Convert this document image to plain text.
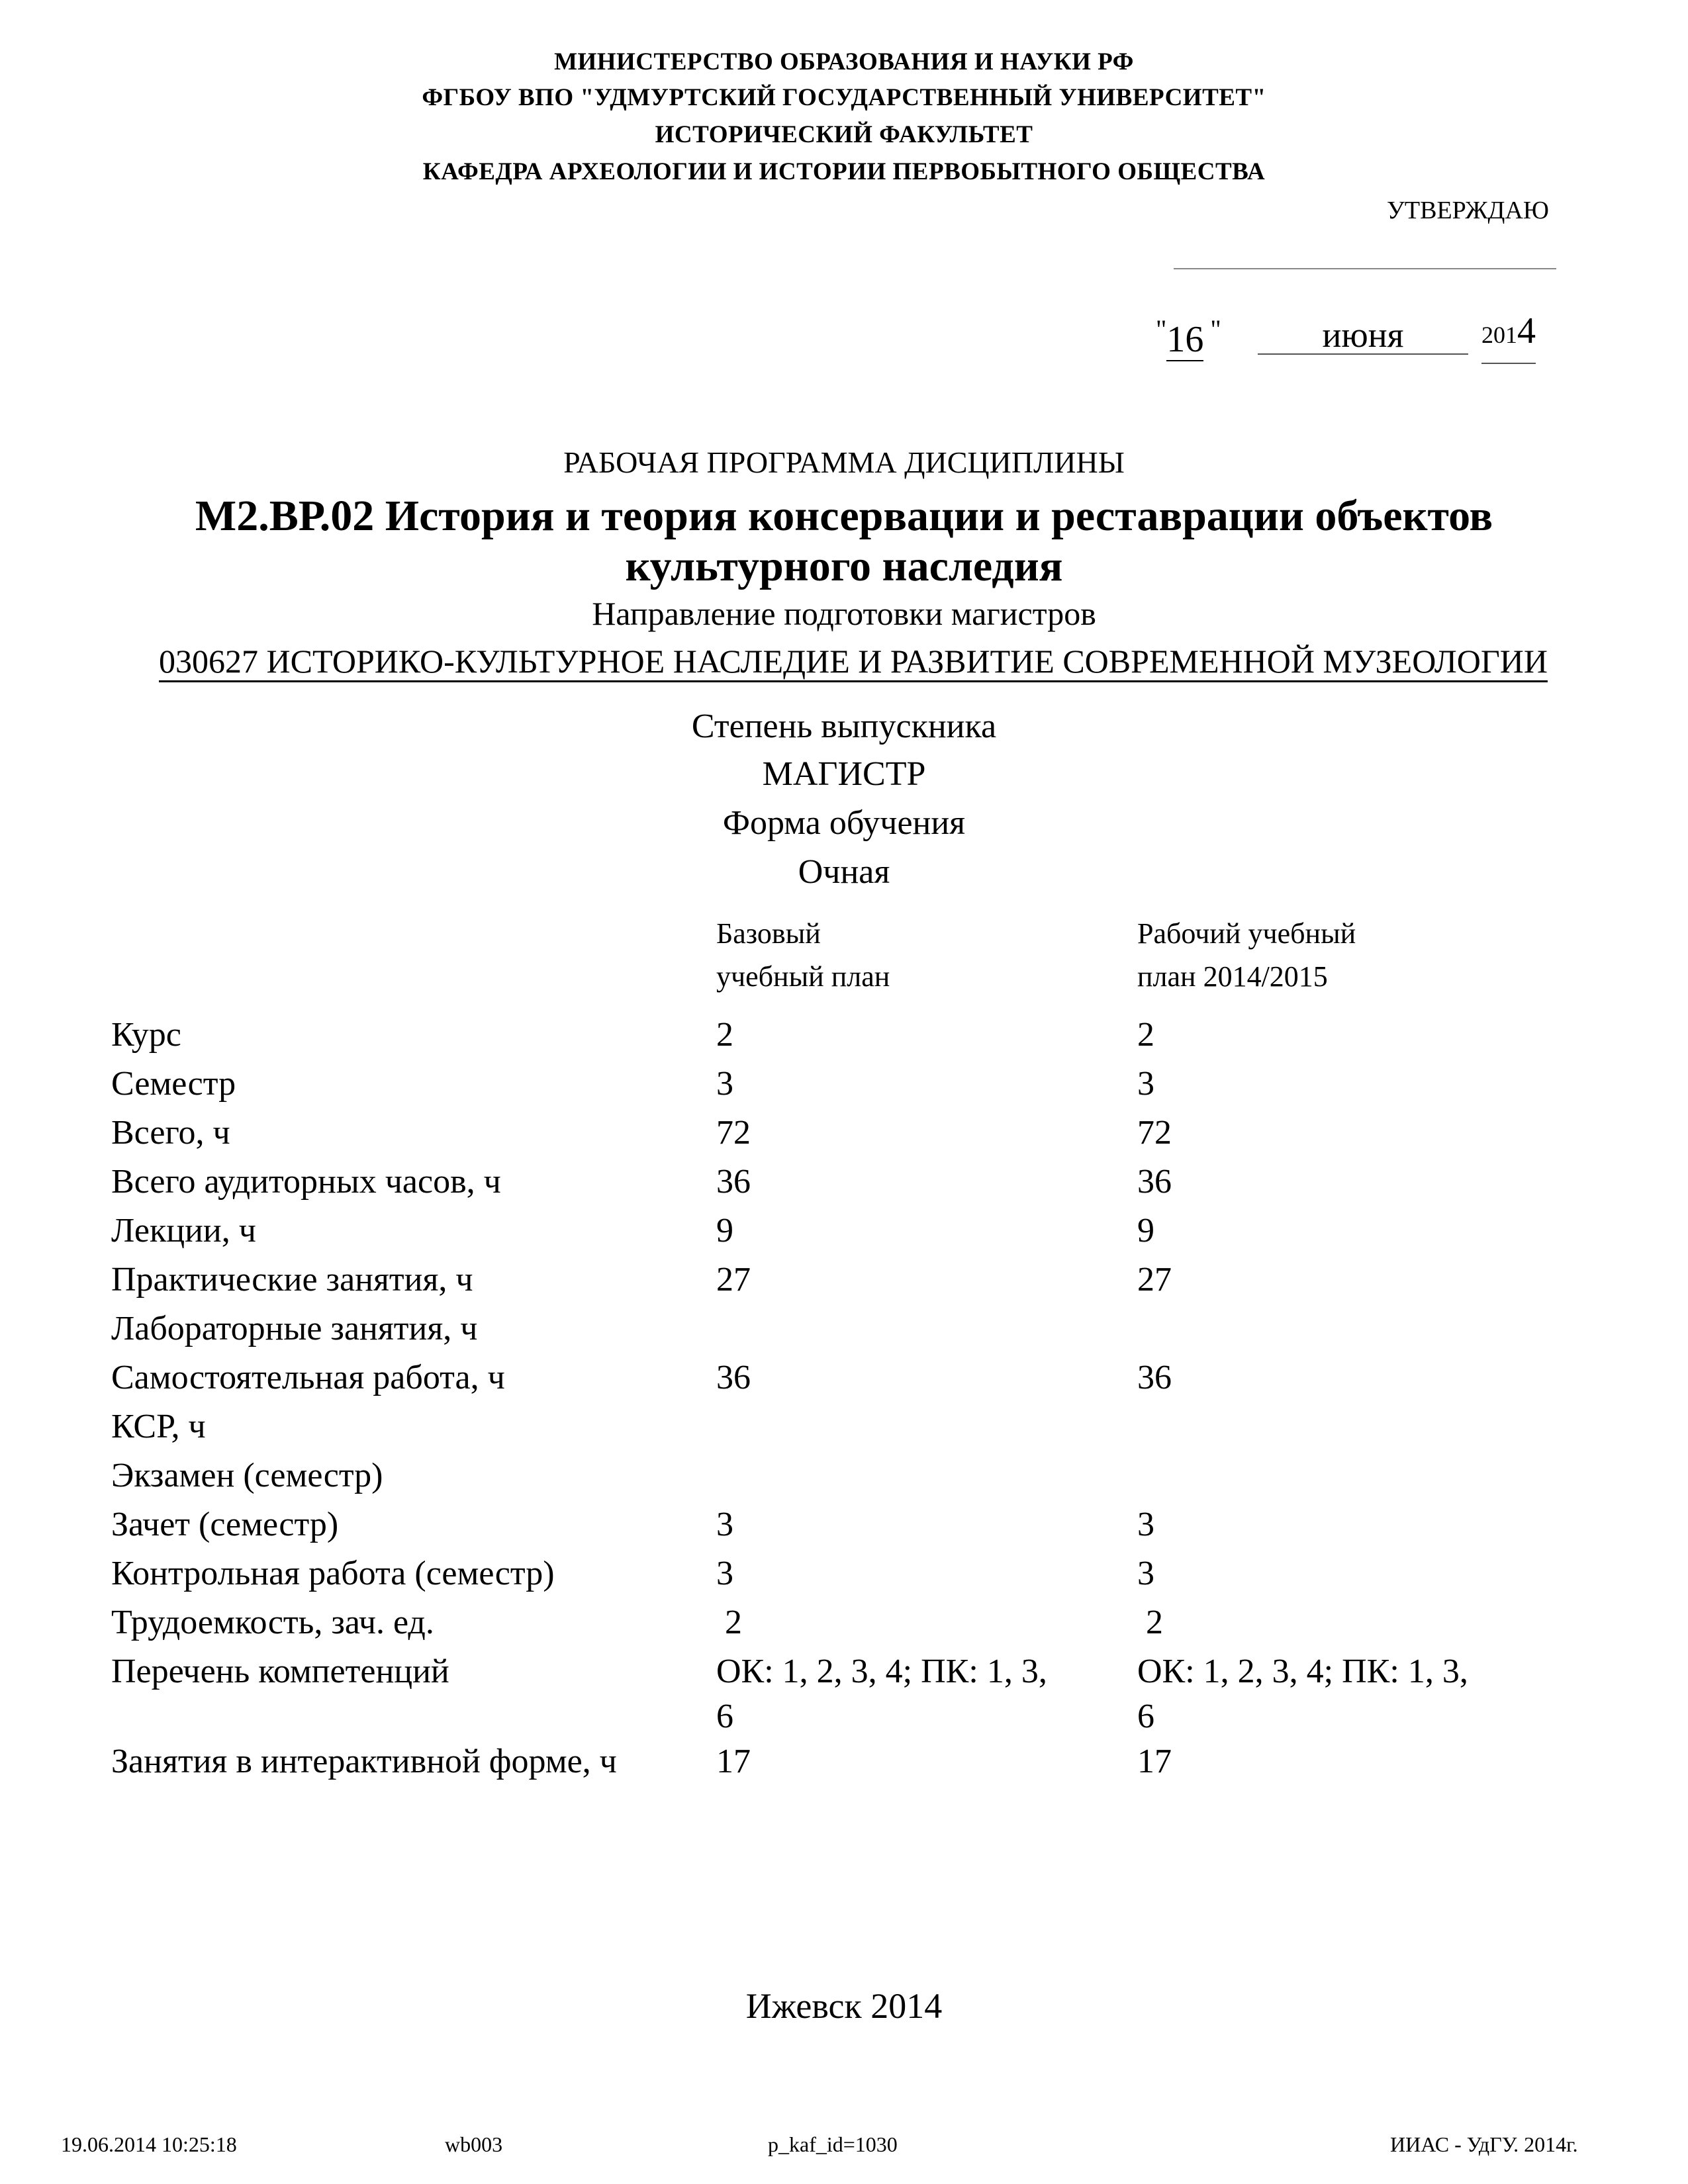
МИНИСТЕРСТВО ОБРАЗОВАНИЯ И НАУКИ РФ
ФГБОУ ВПО "УДМУРТСКИЙ ГОСУДАРСТВЕННЫЙ УНИВЕРСИТЕТ"
ИСТОРИЧЕСКИЙ ФАКУЛЬТЕТ
КАФЕДРА АРХЕОЛОГИИ И ИСТОРИИ ПЕРВОБЫТНОГО ОБЩЕСТВА
УТВЕРЖДАЮ
"16 "	июня	2014
РАБОЧАЯ ПРОГРАММА ДИСЦИПЛИНЫ
М2.ВР.02 История и теория консервации и реставрации объектов
культурного наследия
Направление подготовки магистров
030627 ИСТОРИКО-КУЛЬТУРНОЕ НАСЛЕДИЕ И РАЗВИТИЕ СОВРЕМЕННОЙ МУЗЕОЛОГИИ
Степень выпускника
МАГИСТР
Форма обучения
Очная
Базовый
учебный план
Рабочий учебный
план 2014/2015
Курс	2	2
Семестр	3	3
Всего, ч	72	72
Всего аудиторных часов, ч	36	36
Лекции, ч	9	9
Практические занятия, ч	27	27
Лабораторные занятия, ч
Самостоятельная работа, ч	36	36
КСР, ч
Экзамен (семестр)
Зачет (семестр)	3	3
Контрольная работа (семестр)	3	3
Трудоемкость, зач. ед.	2	2
Перечень компетенций	ОК: 1, 2, 3, 4; ПК: 1, 3,	ОК: 1, 2, 3, 4; ПК: 1, 3,
6	6
Занятия в интерактивной форме, ч	17	17
Ижевск 2014
19.06.2014 10:25:18	wb003	p_kaf_id=1030	ИИАС - УдГУ. 2014г.
